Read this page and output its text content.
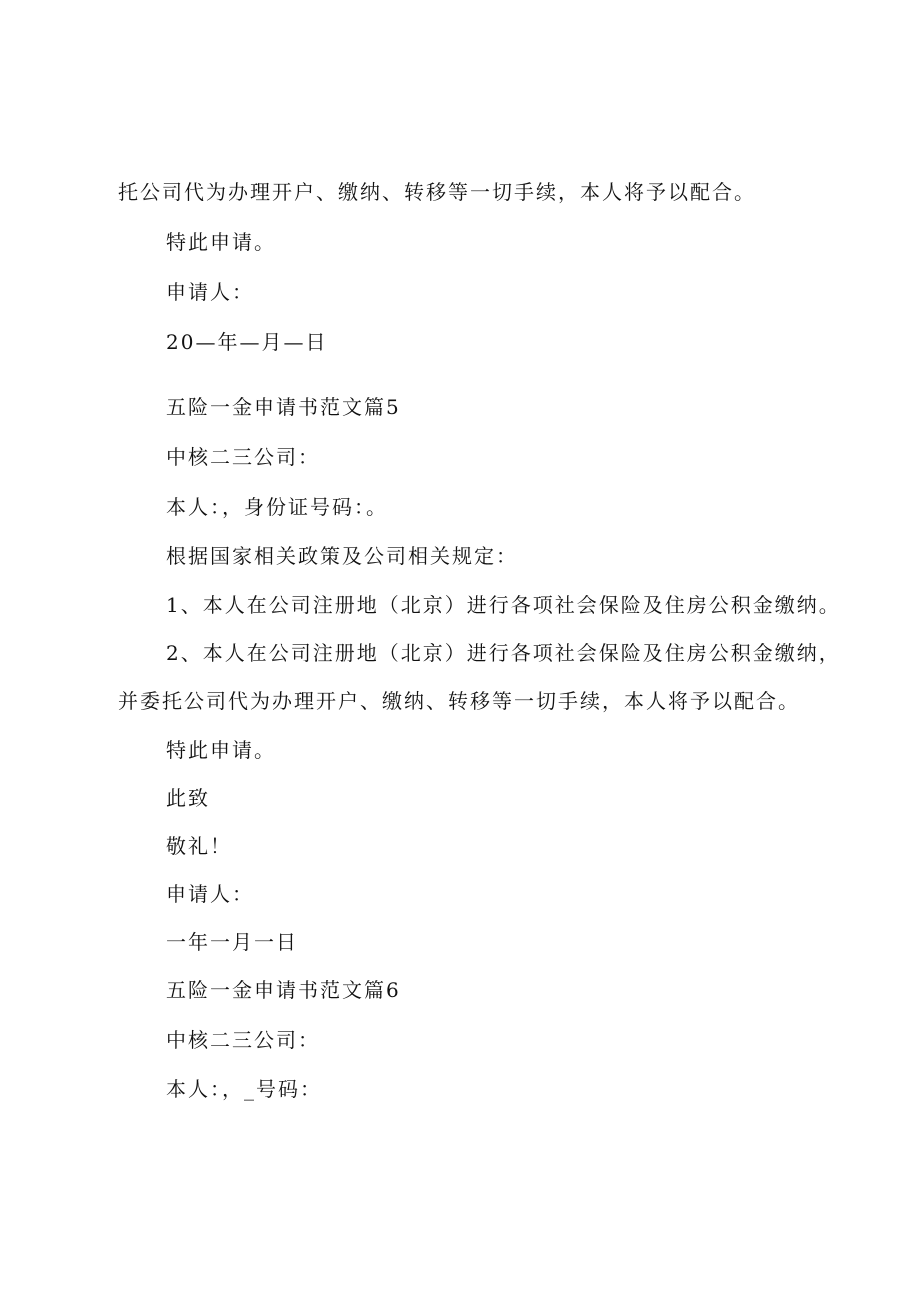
托公司代为办理开户、缴纳、转移等一切手续，本人将予以配合。
特此申请。
申请人：
20—年—月—日
五险一金申请书范文篇5
中核二三公司：
本人：，身份证号码：。
根据国家相关政策及公司相关规定：
1、本人在公司注册地（北京）进行各项社会保险及住房公积金缴纳。
2、本人在公司注册地（北京）进行各项社会保险及住房公积金缴纳，
并委托公司代为办理开户、缴纳、转移等一切手续，本人将予以配合。
特此申请。
此致
敬礼！
申请人：
一年一月一日
五险一金申请书范文篇6
中核二三公司：
本人：，_号码：
